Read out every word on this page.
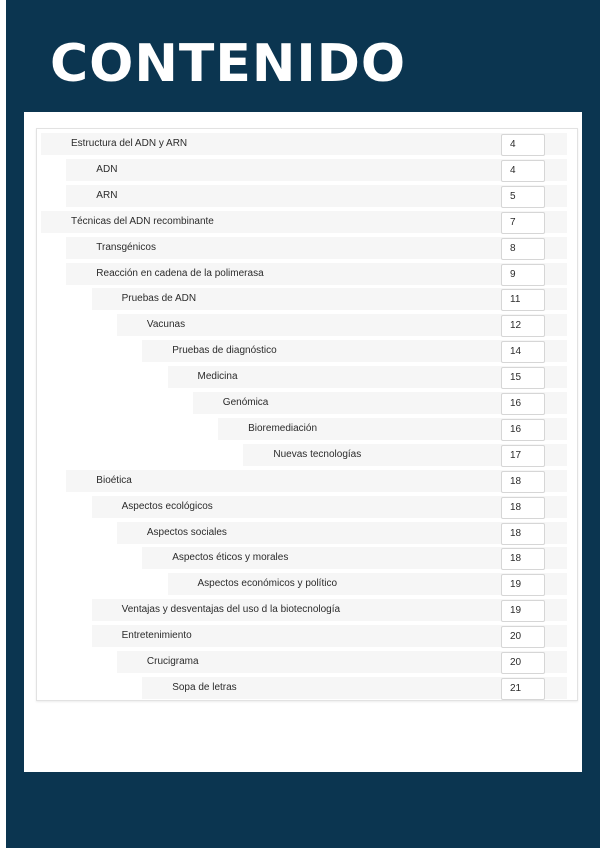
CONTENIDO
Estructura del ADN y ARN	4
ADN	4
ARN	5
Técnicas del ADN recombinante	7
Transgénicos	8
Reacción en cadena de la polimerasa	9
Pruebas de ADN	11
Vacunas	12
Pruebas de diagnóstico	14
Medicina	15
Genómica	16
Bioremediación	16
Nuevas tecnologías	17
Bioética	18
Aspectos ecológicos	18
Aspectos sociales	18
Aspectos éticos y morales	18
Aspectos económicos y político	19
Ventajas y desventajas del uso d la biotecnología	19
Entretenimiento	20
Crucigrama	20
Sopa de letras	21
